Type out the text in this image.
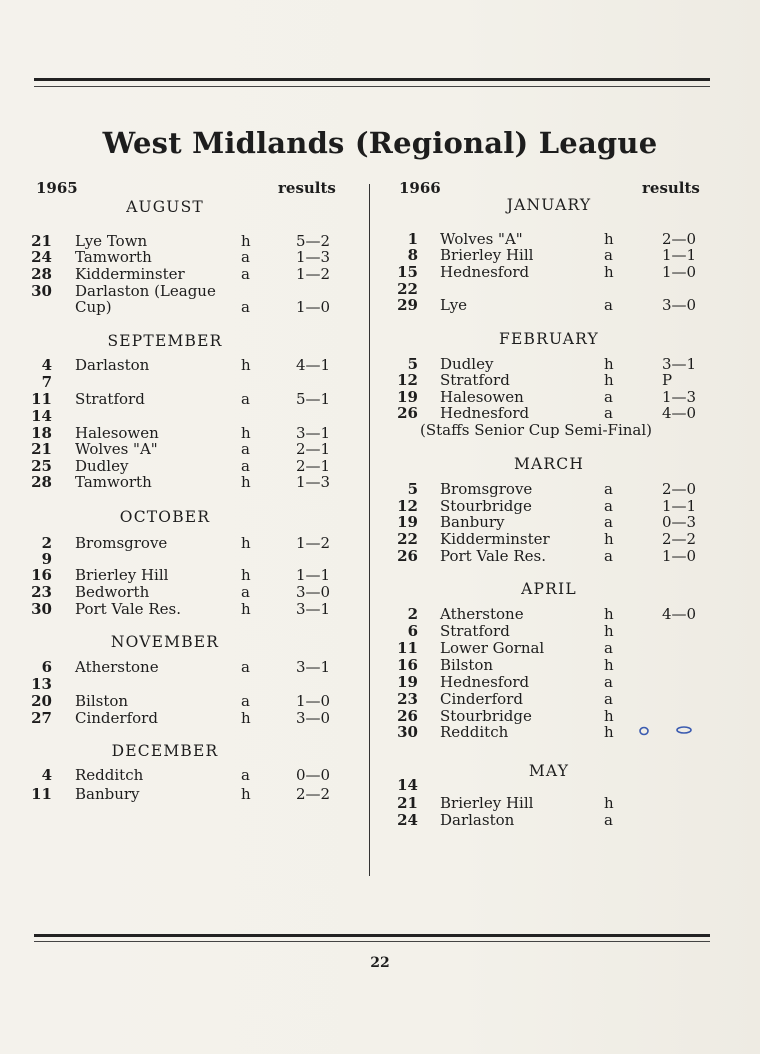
West Midlands (Regional) League
1965	results
AUGUST
21 Lye Town	h	5—2
24 Tamworth	a	1—3
28 Kidderminster	a	1—2
30 Darlaston (League
Cup)	a	1—0
SEPTEMBER
4 Darlaston	h	4—1
7
11 Stratford	a	5—1
14
18 Halesowen	h	3—1
21 Wolves "A"	a	2—1
25 Dudley	a	2—1
28 Tamworth	h	1—3
OCTOBER
2 Bromsgrove	h	1—2
9
16 Brierley Hill	h	1—1
23 Bedworth	a	3—0
30 Port Vale Res.	h	3—1
NOVEMBER
6 Atherstone	a	3—1
13
20 Bilston	a	1—0
27 Cinderford	h	3—0
DECEMBER
4 Redditch	a	0—0
11 Banbury	h	2—2
1966	results
JANUARY
1 Wolves "A"	h	2—0
8 Brierley Hill	a	1—1
15 Hednesford	h	1—0
22
29 Lye	a	3—0
FEBRUARY
5 Dudley	h	3—1
12 Stratford	h	P
19 Halesowen	a	1—3
26 Hednesford	a	4—0
(Staffs Senior Cup Semi-Final)
MARCH
5 Bromsgrove	a	2—0
12 Stourbridge	a	1—1
19 Banbury	a	0—3
22 Kidderminster	h	2—2
26 Port Vale Res.	a	1—0
APRIL
2 Atherstone	h	4—0
6 Stratford	h
11 Lower Gornal	a
16 Bilston	h
19 Hednesford	a
23 Cinderford	a
26 Stourbridge	h
30 Redditch	h
MAY
14
21 Brierley Hill	h
24 Darlaston	a
22
